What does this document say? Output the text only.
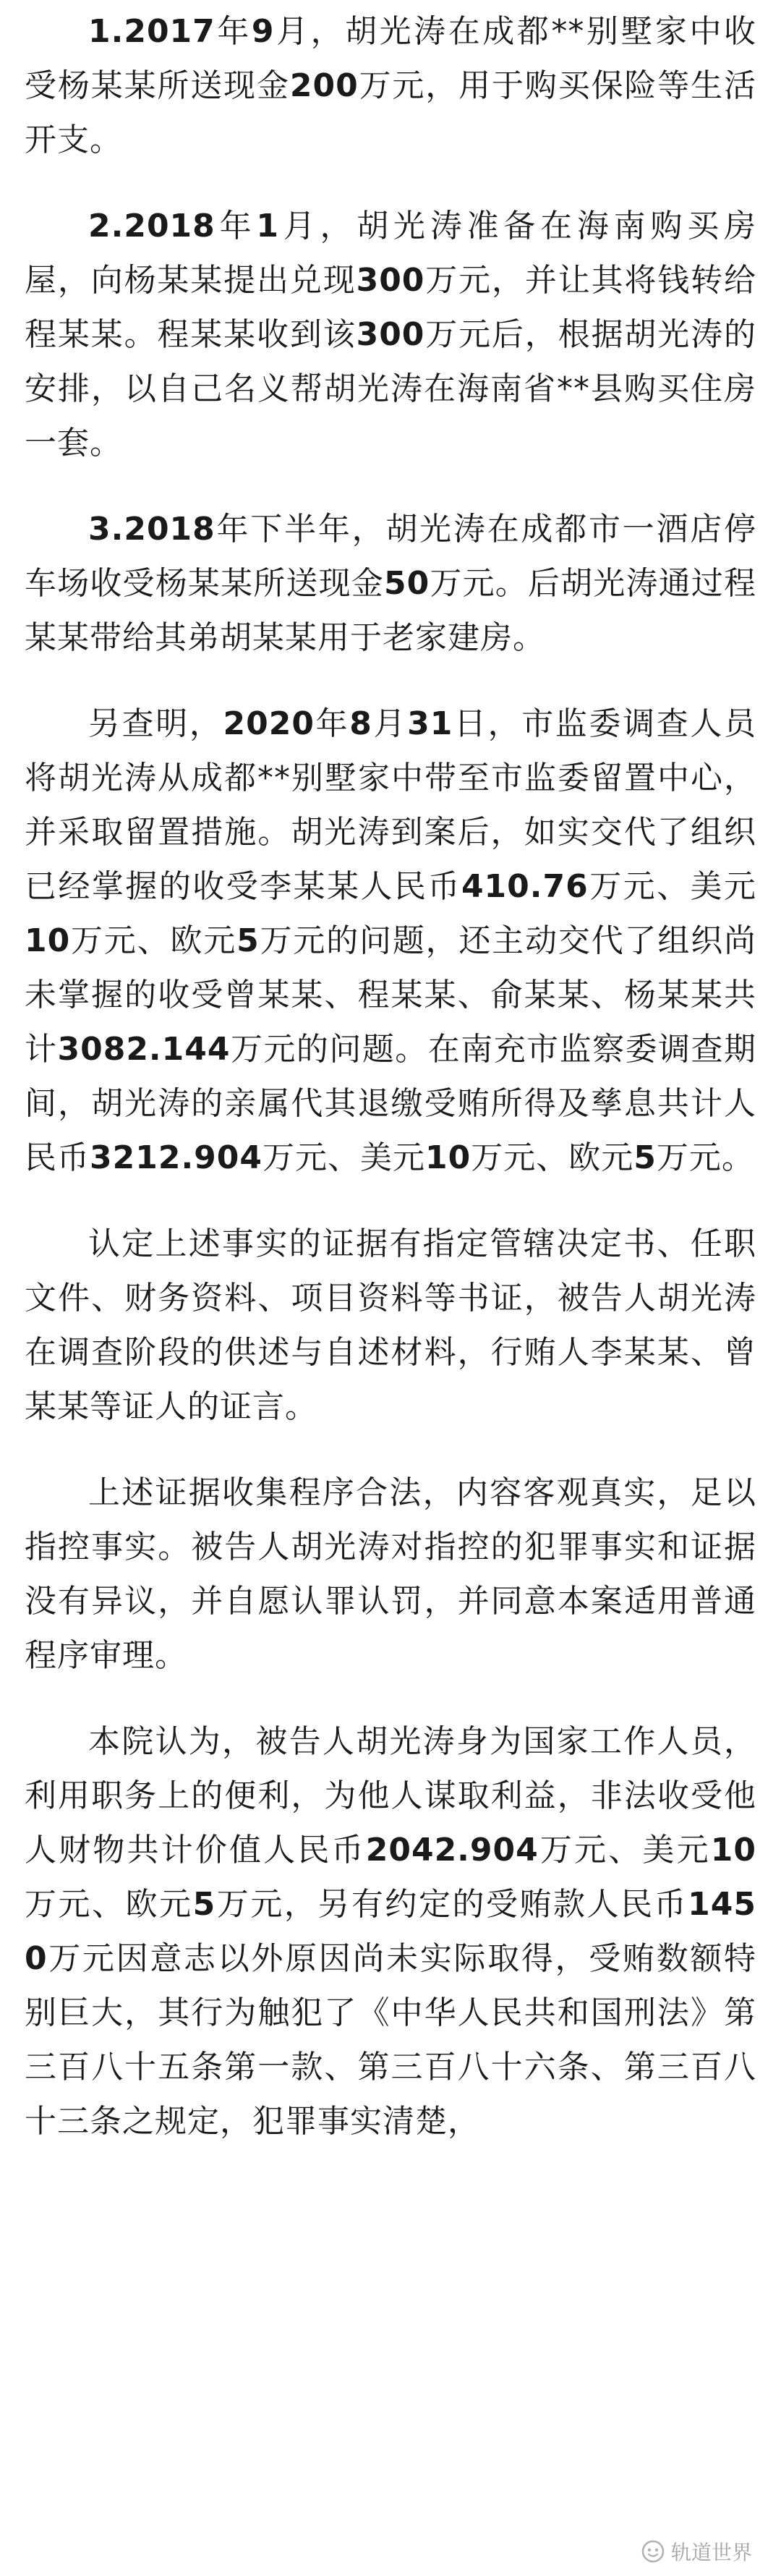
1.2017年9月，胡光涛在成都**别墅家中收受杨某某所送现金200万元，用于购买保险等生活开支。

2.2018年1月，胡光涛准备在海南购买房屋，向杨某某提出兑现300万元，并让其将钱转给程某某。程某某收到该300万元后，根据胡光涛的安排，以自己名义帮胡光涛在海南省**县购买住房一套。

3.2018年下半年，胡光涛在成都市一酒店停车场收受杨某某所送现金50万元。后胡光涛通过程某某带给其弟胡某某用于老家建房。

另查明，2020年8月31日，市监委调查人员将胡光涛从成都**别墅家中带至市监委留置中心，并采取留置措施。胡光涛到案后，如实交代了组织已经掌握的收受李某某人民币410.76万元、美元10万元、欧元5万元的问题，还主动交代了组织尚未掌握的收受曾某某、程某某、俞某某、杨某某共计3082.144万元的问题。在南充市监察委调查期间，胡光涛的亲属代其退缴受贿所得及孳息共计人民币3212.904万元、美元10万元、欧元5万元。

认定上述事实的证据有指定管辖决定书、任职文件、财务资料、项目资料等书证，被告人胡光涛在调查阶段的供述与自述材料，行贿人李某某、曾某某等证人的证言。

上述证据收集程序合法，内容客观真实，足以指控事实。被告人胡光涛对指控的犯罪事实和证据没有异议，并自愿认罪认罚，并同意本案适用普通程序审理。

本院认为，被告人胡光涛身为国家工作人员，利用职务上的便利，为他人谋取利益，非法收受他人财物共计价值人民币2042.904万元、美元10万元、欧元5万元，另有约定的受贿款人民币1450万元因意志以外原因尚未实际取得，受贿数额特别巨大，其行为触犯了《中华人民共和国刑法》第三百八十五条第一款、第三百八十六条、第三百八十三条之规定，犯罪事实清楚，

轨道世界
